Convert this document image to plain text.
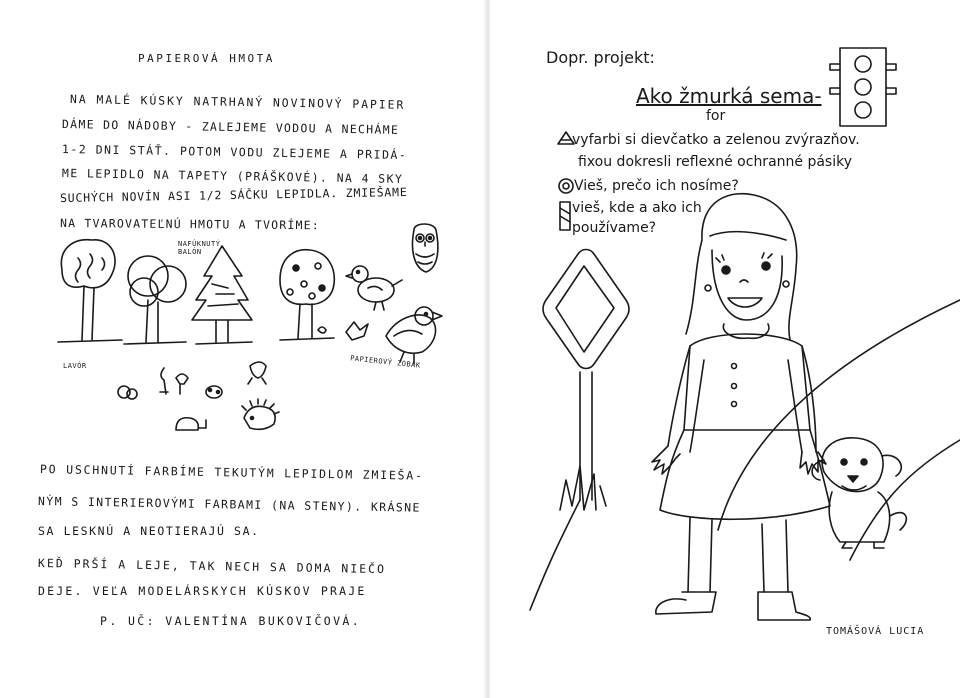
PAPIEROVÁ HMOTA
NA MALÉ KÚSKY NATRHANÝ NOVINOVÝ PAPIER
DÁME DO NÁDOBY - ZALEJEME VODOU A NECHÁME
1-2 DNI STÁŤ. POTOM VODU ZLEJEME A PRIDÁ-
ME LEPIDLO NA TAPETY (PRÁŠKOVÉ). NA 4 SKY
SUCHÝCH NOVÍN ASI 1/2 SÁČKU LEPIDLA. ZMIEŠAME
NA TVAROVATEĽNÚ HMOTU A TVORÍME:
NAFÚKNUTÝ BALÓN
LAVÓR	PAPIEROVÝ ZOBÁK
PO USCHNUTÍ FARBÍME TEKUTÝM LEPIDLOM ZMIEŠA-
NÝM S INTERIEROVÝMI FARBAMI (NA STENY). KRÁSNE
SA LESKNÚ A NEOTIERAJÚ SA.
KEĎ PRŠÍ A LEJE, TAK NECH SA DOMA NIEČO
DEJE. VEĽA MODELÁRSKYCH KÚSKOV PRAJE
P. UČ: VALENTÍNA BUKOVIČOVÁ.
Dopr. projekt:
Ako žmurká sema-
for
vyfarbi si dievčatko a zelenou zvýrazňov.
fixou dokresli reflexné ochranné pásiky
Vieš, prečo ich nosíme?
vieš, kde a ako ich
používame?
TOMÁŠOVÁ LUCIA
